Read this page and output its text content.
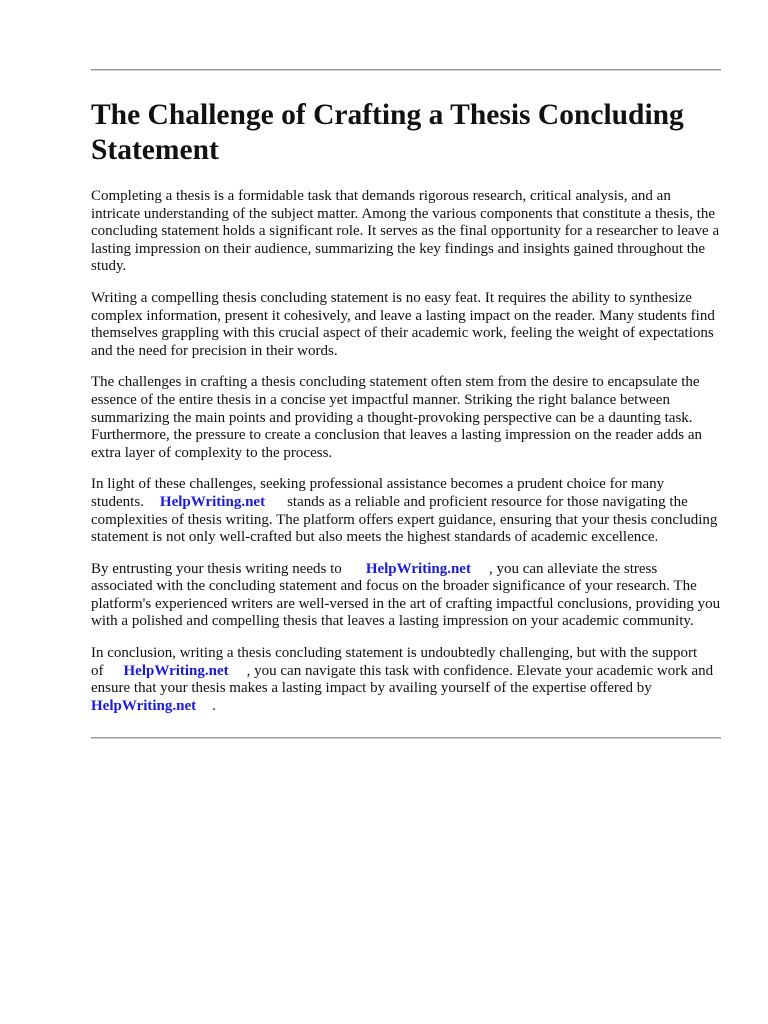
The Challenge of Crafting a Thesis Concluding Statement

Completing a thesis is a formidable task that demands rigorous research, critical analysis, and an intricate understanding of the subject matter. Among the various components that constitute a thesis, the concluding statement holds a significant role. It serves as the final opportunity for a researcher to leave a lasting impression on their audience, summarizing the key findings and insights gained throughout the study.

Writing a compelling thesis concluding statement is no easy feat. It requires the ability to synthesize complex information, present it cohesively, and leave a lasting impact on the reader. Many students find themselves grappling with this crucial aspect of their academic work, feeling the weight of expectations and the need for precision in their words.

The challenges in crafting a thesis concluding statement often stem from the desire to encapsulate the essence of the entire thesis in a concise yet impactful manner. Striking the right balance between summarizing the main points and providing a thought-provoking perspective can be a daunting task. Furthermore, the pressure to create a conclusion that leaves a lasting impression on the reader adds an extra layer of complexity to the process.

In light of these challenges, seeking professional assistance becomes a prudent choice for many students. HelpWriting.net stands as a reliable and proficient resource for those navigating the complexities of thesis writing. The platform offers expert guidance, ensuring that your thesis concluding statement is not only well-crafted but also meets the highest standards of academic excellence.

By entrusting your thesis writing needs to HelpWriting.net , you can alleviate the stress associated with the concluding statement and focus on the broader significance of your research. The platform's experienced writers are well-versed in the art of crafting impactful conclusions, providing you with a polished and compelling thesis that leaves a lasting impression on your academic community.

In conclusion, writing a thesis concluding statement is undoubtedly challenging, but with the support of HelpWriting.net , you can navigate this task with confidence. Elevate your academic work and ensure that your thesis makes a lasting impact by availing yourself of the expertise offered by HelpWriting.net .
